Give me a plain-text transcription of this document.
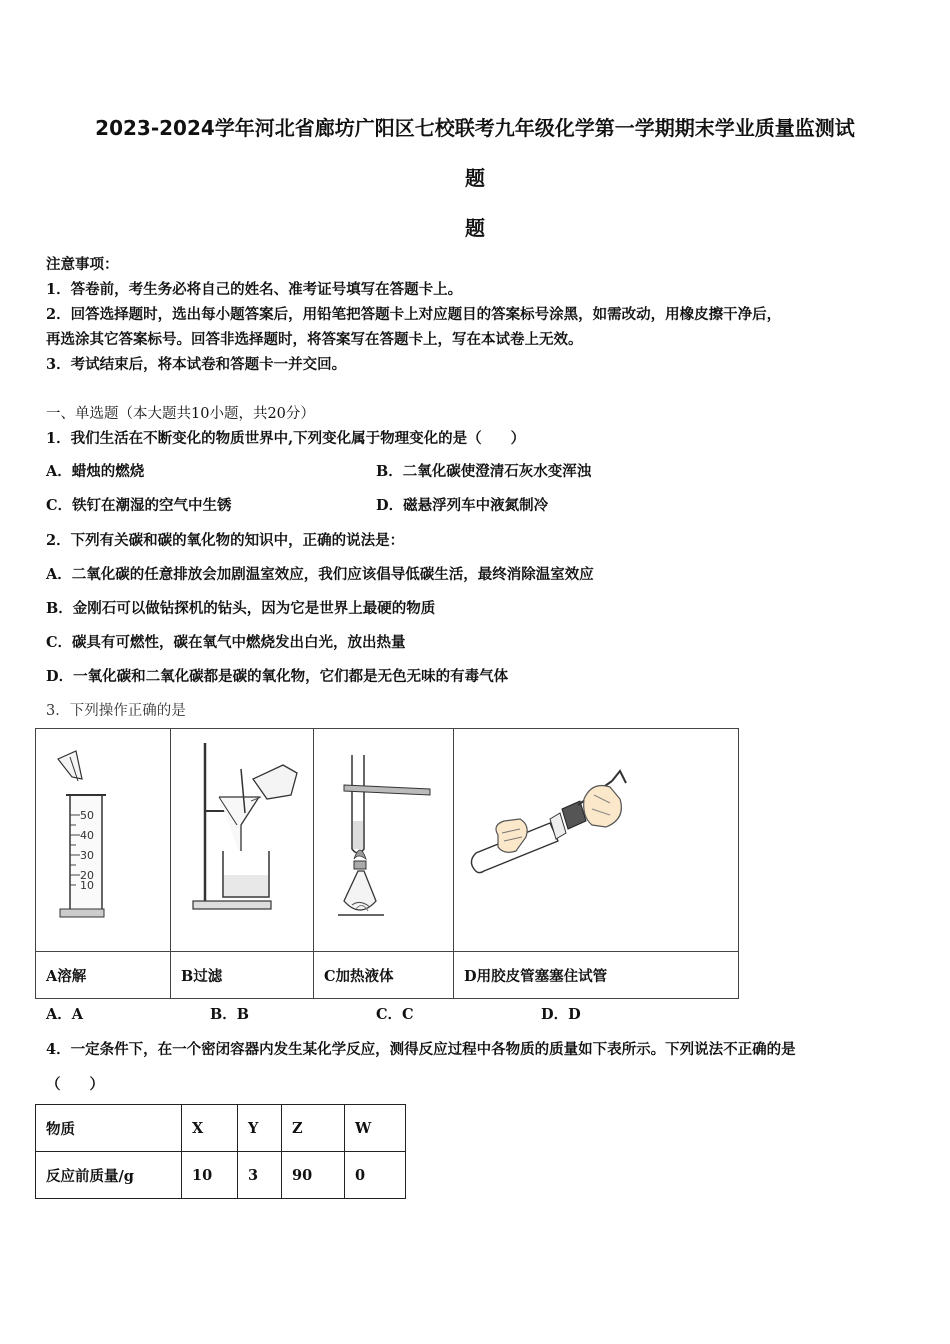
2023-2024学年河北省廊坊广阳区七校联考九年级化学第一学期期末学业质量监测试
题
题
注意事项：
1．答卷前，考生务必将自己的姓名、准考证号填写在答题卡上。
2．回答选择题时，选出每小题答案后，用铅笔把答题卡上对应题目的答案标号涂黑，如需改动，用橡皮擦干净后，
再选涂其它答案标号。回答非选择题时，将答案写在答题卡上，写在本试卷上无效。
3．考试结束后，将本试卷和答题卡一并交回。
一、单选题（本大题共10小题，共20分）
1．我们生活在不断变化的物质世界中,下列变化属于物理变化的是（　　）
A．蜡烛的燃烧	B．二氧化碳使澄清石灰水变浑浊
C．铁钉在潮湿的空气中生锈	D．磁悬浮列车中液氮制冷
2．下列有关碳和碳的氧化物的知识中，正确的说法是：
A．二氧化碳的任意排放会加剧温室效应，我们应该倡导低碳生活，最终消除温室效应
B．金刚石可以做钻探机的钻头，因为它是世界上最硬的物质
C．碳具有可燃性，碳在氧气中燃烧发出白光，放出热量
D．一氧化碳和二氧化碳都是碳的氧化物，它们都是无色无味的有毒气体
3．下列操作正确的是
50
40
30
20
10

A溶解	B过滤	C加热液体	D用胶皮管塞塞住试管
A．A	B．B	C．C	D．D
4．一定条件下，在一个密闭容器内发生某化学反应，测得反应过程中各物质的质量如下表所示。下列说法不正确的是
（　　）
物质	X	Y	Z	W
反应前质量/g	10	3	90	0
